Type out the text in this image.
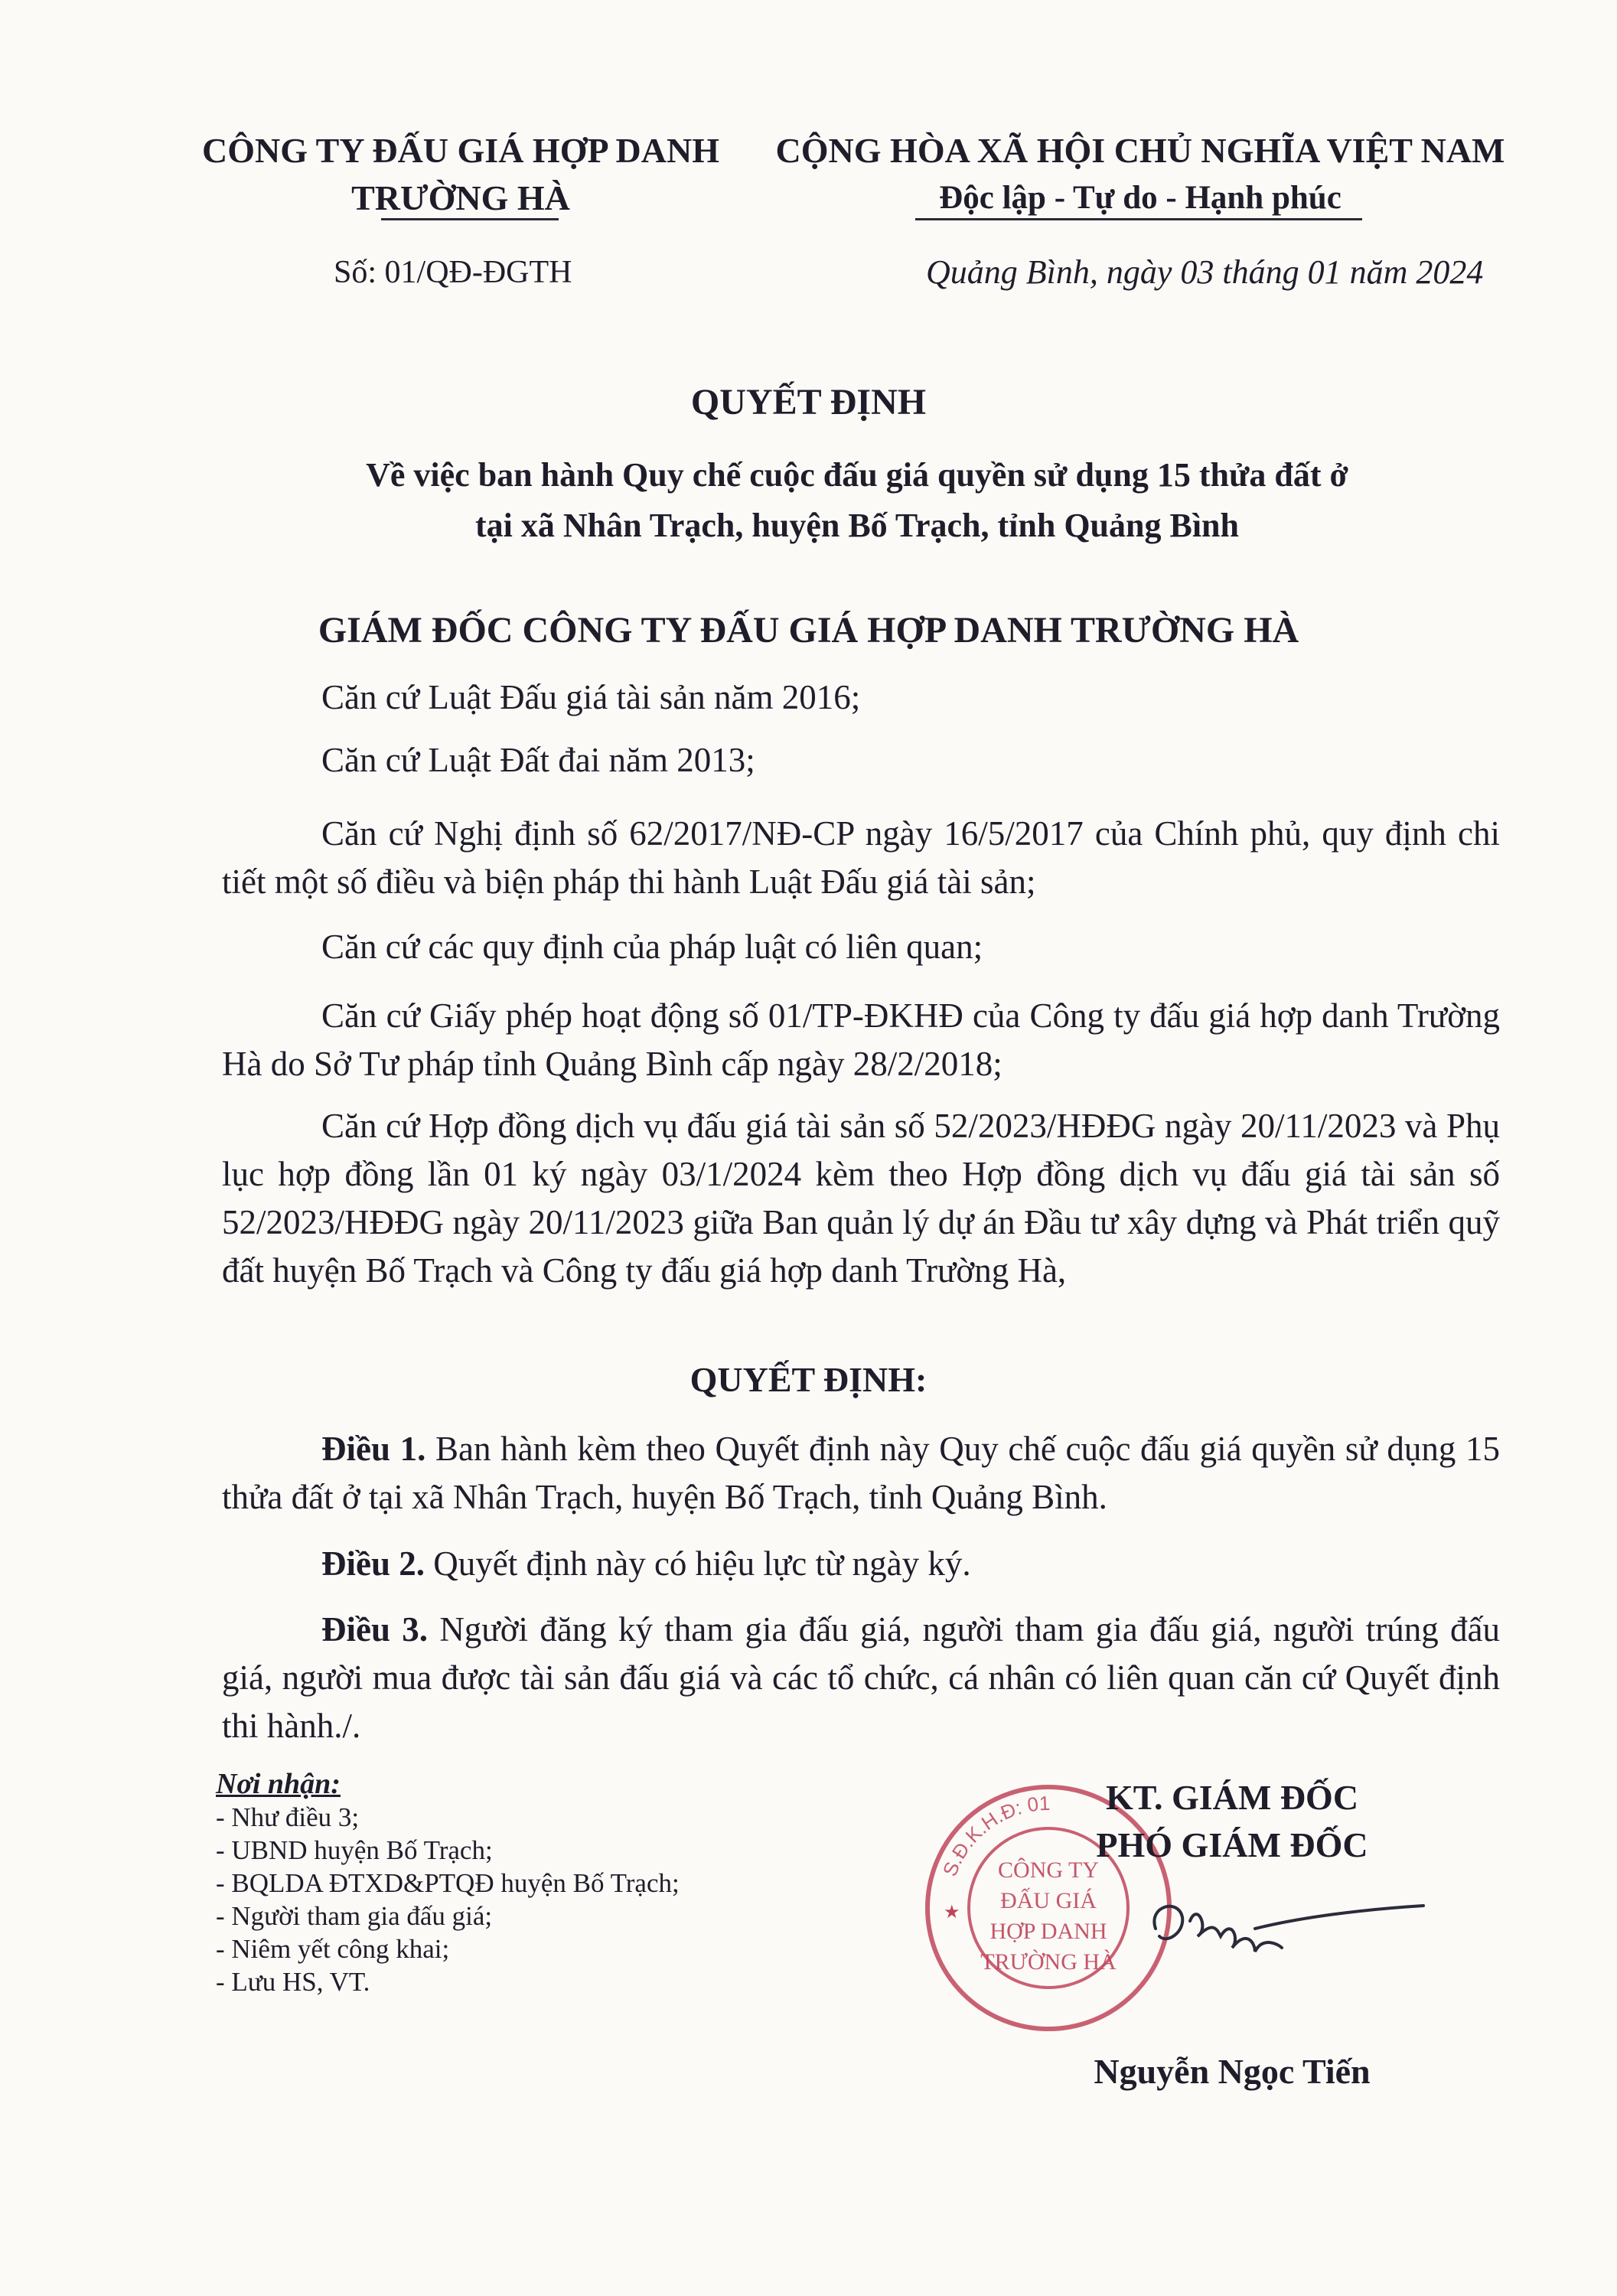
CÔNG TY ĐẤU GIÁ HỢP DANH
TRƯỜNG HÀ
CỘNG HÒA XÃ HỘI CHỦ NGHĨA VIỆT NAM
Độc lập - Tự do - Hạnh phúc
Số: 01/QĐ-ĐGTH	Quảng Bình, ngày 03 tháng 01 năm 2024
QUYẾT ĐỊNH
Về việc ban hành Quy chế cuộc đấu giá quyền sử dụng 15 thửa đất ở
tại xã Nhân Trạch, huyện Bố Trạch, tỉnh Quảng Bình
GIÁM ĐỐC CÔNG TY ĐẤU GIÁ HỢP DANH TRƯỜNG HÀ
Căn cứ Luật Đấu giá tài sản năm 2016;
Căn cứ Luật Đất đai năm 2013;
Căn cứ Nghị định số 62/2017/NĐ-CP ngày 16/5/2017 của Chính phủ, quy định chi tiết một số điều và biện pháp thi hành Luật Đấu giá tài sản;
Căn cứ các quy định của pháp luật có liên quan;
Căn cứ Giấy phép hoạt động số 01/TP-ĐKHĐ của Công ty đấu giá hợp danh Trường Hà do Sở Tư pháp tỉnh Quảng Bình cấp ngày 28/2/2018;
Căn cứ Hợp đồng dịch vụ đấu giá tài sản số 52/2023/HĐĐG ngày 20/11/2023 và Phụ lục hợp đồng lần 01 ký ngày 03/1/2024 kèm theo Hợp đồng dịch vụ đấu giá tài sản số 52/2023/HĐĐG ngày 20/11/2023 giữa Ban quản lý dự án Đầu tư xây dựng và Phát triển quỹ đất huyện Bố Trạch và Công ty đấu giá hợp danh Trường Hà,
QUYẾT ĐỊNH:
Điều 1. Ban hành kèm theo Quyết định này Quy chế cuộc đấu giá quyền sử dụng 15 thửa đất ở tại xã Nhân Trạch, huyện Bố Trạch, tỉnh Quảng Bình.
Điều 2. Quyết định này có hiệu lực từ ngày ký.
Điều 3. Người đăng ký tham gia đấu giá, người tham gia đấu giá, người trúng đấu giá, người mua được tài sản đấu giá và các tổ chức, cá nhân có liên quan căn cứ Quyết định thi hành./.
Nơi nhận:
- Như điều 3;
- UBND huyện Bố Trạch;
- BQLDA ĐTXD&PTQĐ huyện Bố Trạch;
- Người tham gia đấu giá;
- Niêm yết công khai;
- Lưu HS, VT.
S.Đ.K.H.Đ: 01
★
CÔNG TY
ĐẤU GIÁ
HỢP DANH
TRƯỜNG HÀ
KT. GIÁM ĐỐC
PHÓ GIÁM ĐỐC
Nguyễn Ngọc Tiến
